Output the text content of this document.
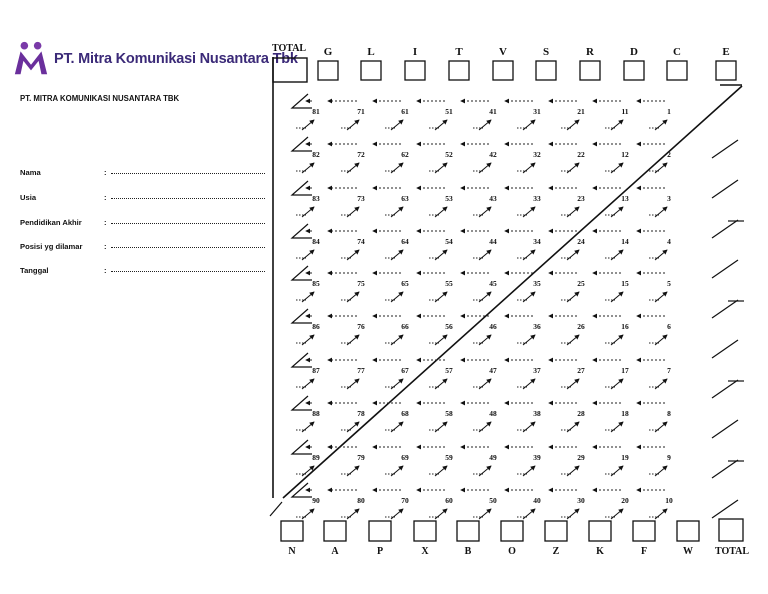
PT. Mitra Komunikasi Nusantara Tbk
PT. MITRA KOMUNIKASI NUSANTARA TBK
Nama	:
Usia	:
Pendidikan Akhir	:
Posisi yg dilamar	:
Tanggal	:
TOTAL G	L	I	T	V	S	R	D	C	E
N	A	P	X	B	O	Z	K	F	W TOTAL
81	71	61	51	41	31	21	11	1
82	72	62	52	42	32	22	12	2
83	73	63	53	43	33	23	13	3
84	74	64	54	44	34	24	14	4
85	75	65	55	45	35	25	15	5
86	76	66	56	46	36	26	16	6
87	77	67	57	47	37	27	17	7
88	78	68	58	48	38	28	18	8
89	79	69	59	49	39	29	19	9
90	80	70	60	50	40	30	20	10
